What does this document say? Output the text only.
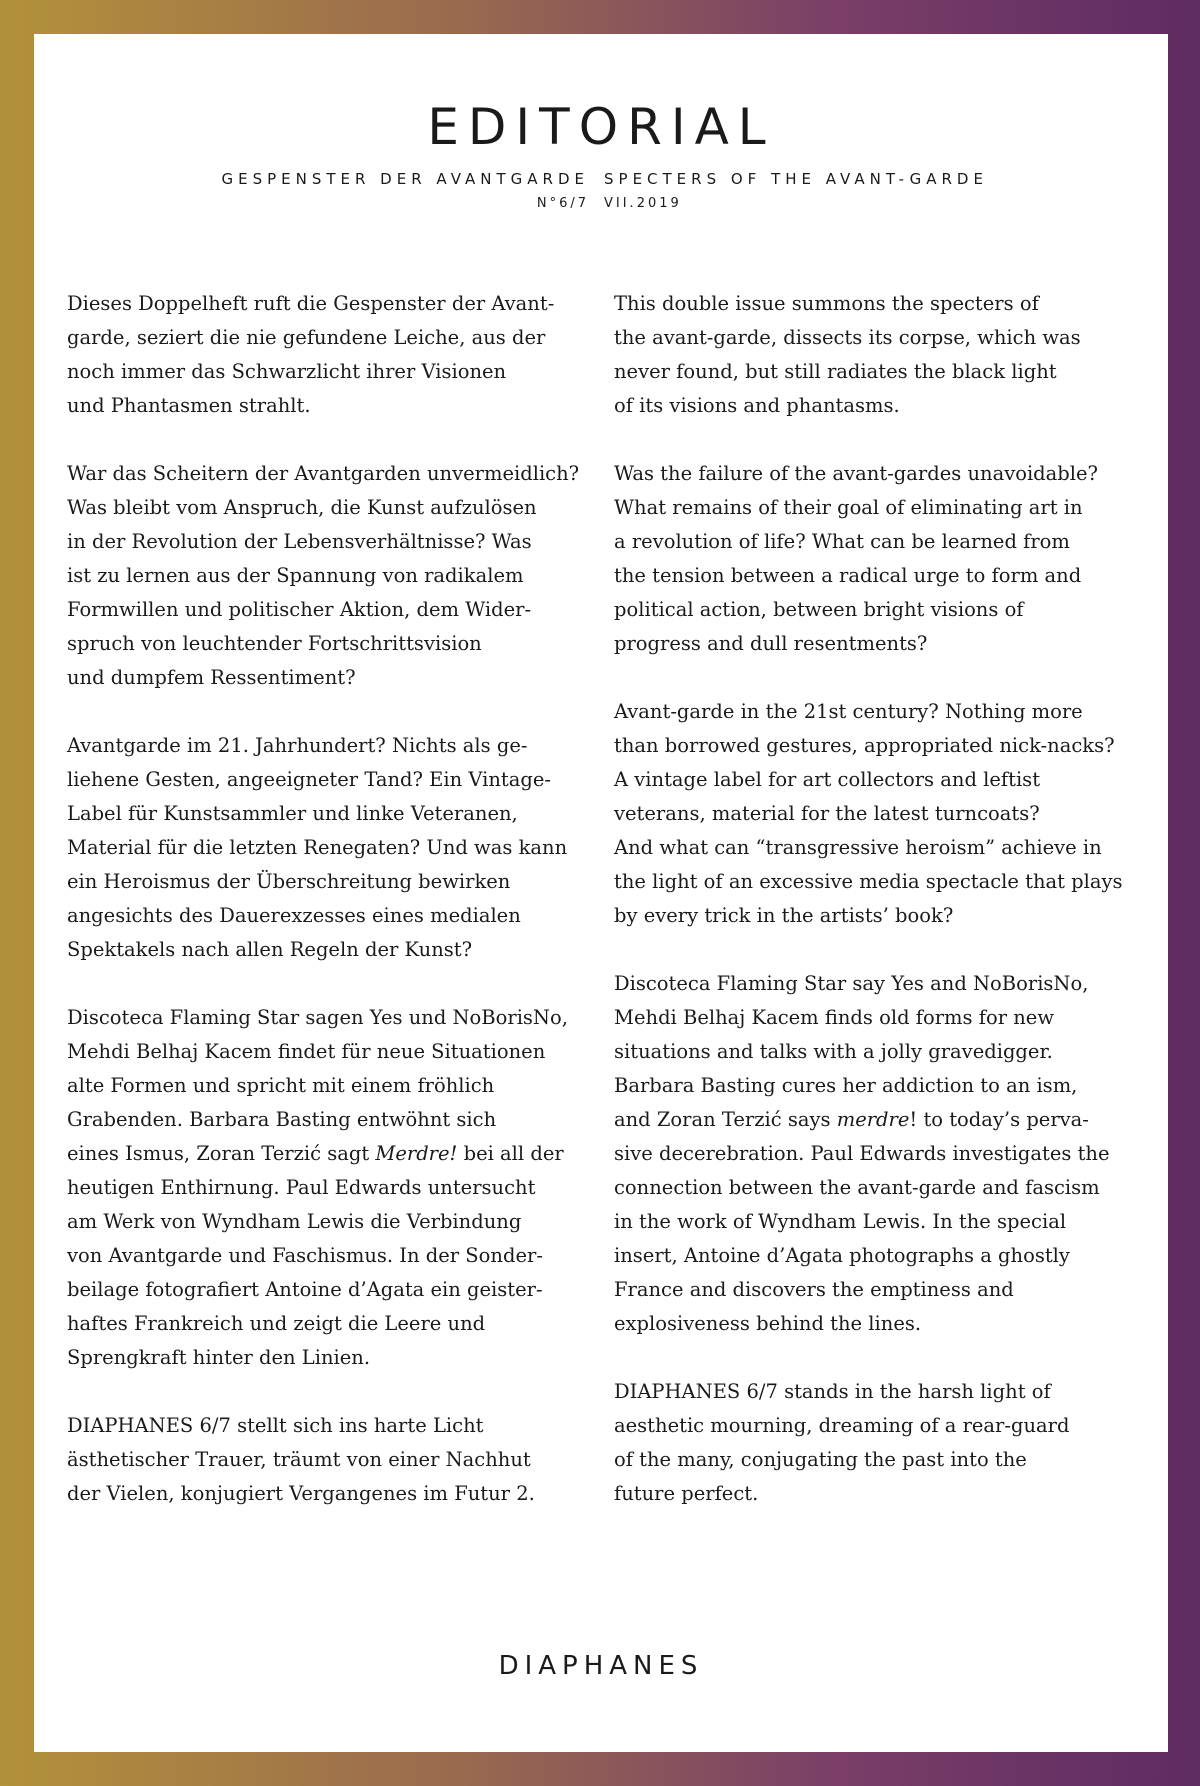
EDITORIAL
GESPENSTER DER AVANTGARDE SPECTERS OF THE AVANT-GARDE
N°6/7 VII.2019

Dieses Doppelheft ruft die Gespenster der Avant-
garde, seziert die nie gefundene Leiche, aus der
noch immer das Schwarzlicht ihrer Visionen
und Phantasmen strahlt.

War das Scheitern der Avantgarden unvermeidlich?
Was bleibt vom Anspruch, die Kunst aufzulösen
in der Revolution der Lebensverhältnisse? Was
ist zu lernen aus der Spannung von radikalem
Formwillen und politischer Aktion, dem Wider-
spruch von leuchtender Fortschrittsvision
und dumpfem Ressentiment?

Avantgarde im 21. Jahrhundert? Nichts als ge-
liehene Gesten, angeeigneter Tand? Ein Vintage-
Label für Kunstsammler und linke Veteranen,
Material für die letzten Renegaten? Und was kann
ein Heroismus der Überschreitung bewirken
angesichts des Dauerexzesses eines medialen
Spektakels nach allen Regeln der Kunst?

Discoteca Flaming Star sagen Yes und NoBorisNo,
Mehdi Belhaj Kacem findet für neue Situationen
alte Formen und spricht mit einem fröhlich
Grabenden. Barbara Basting entwöhnt sich
eines Ismus, Zoran Terzić sagt Merdre! bei all der
heutigen Enthirnung. Paul Edwards untersucht
am Werk von Wyndham Lewis die Verbindung
von Avantgarde und Faschismus. In der Sonder-
beilage fotografiert Antoine d’Agata ein geister-
haftes Frankreich und zeigt die Leere und
Sprengkraft hinter den Linien.

DIAPHANES 6/7 stellt sich ins harte Licht
ästhetischer Trauer, träumt von einer Nachhut
der Vielen, konjugiert Vergangenes im Futur 2.

This double issue summons the specters of
the avant-garde, dissects its corpse, which was
never found, but still radiates the black light
of its visions and phantasms.

Was the failure of the avant-gardes unavoidable?
What remains of their goal of eliminating art in
a revolution of life? What can be learned from
the tension between a radical urge to form and
political action, between bright visions of
progress and dull resentments?

Avant-garde in the 21st century? Nothing more
than borrowed gestures, appropriated nick-nacks?
A vintage label for art collectors and leftist
veterans, material for the latest turncoats?
And what can “transgressive heroism” achieve in
the light of an excessive media spectacle that plays
by every trick in the artists’ book?

Discoteca Flaming Star say Yes and NoBorisNo,
Mehdi Belhaj Kacem finds old forms for new
situations and talks with a jolly gravedigger.
Barbara Basting cures her addiction to an ism,
and Zoran Terzić says merdre! to today’s perva-
sive decerebration. Paul Edwards investigates the
connection between the avant-garde and fascism
in the work of Wyndham Lewis. In the special
insert, Antoine d’Agata photographs a ghostly
France and discovers the emptiness and
explosiveness behind the lines.

DIAPHANES 6/7 stands in the harsh light of
aesthetic mourning, dreaming of a rear-guard
of the many, conjugating the past into the
future perfect.

DIAPHANES
